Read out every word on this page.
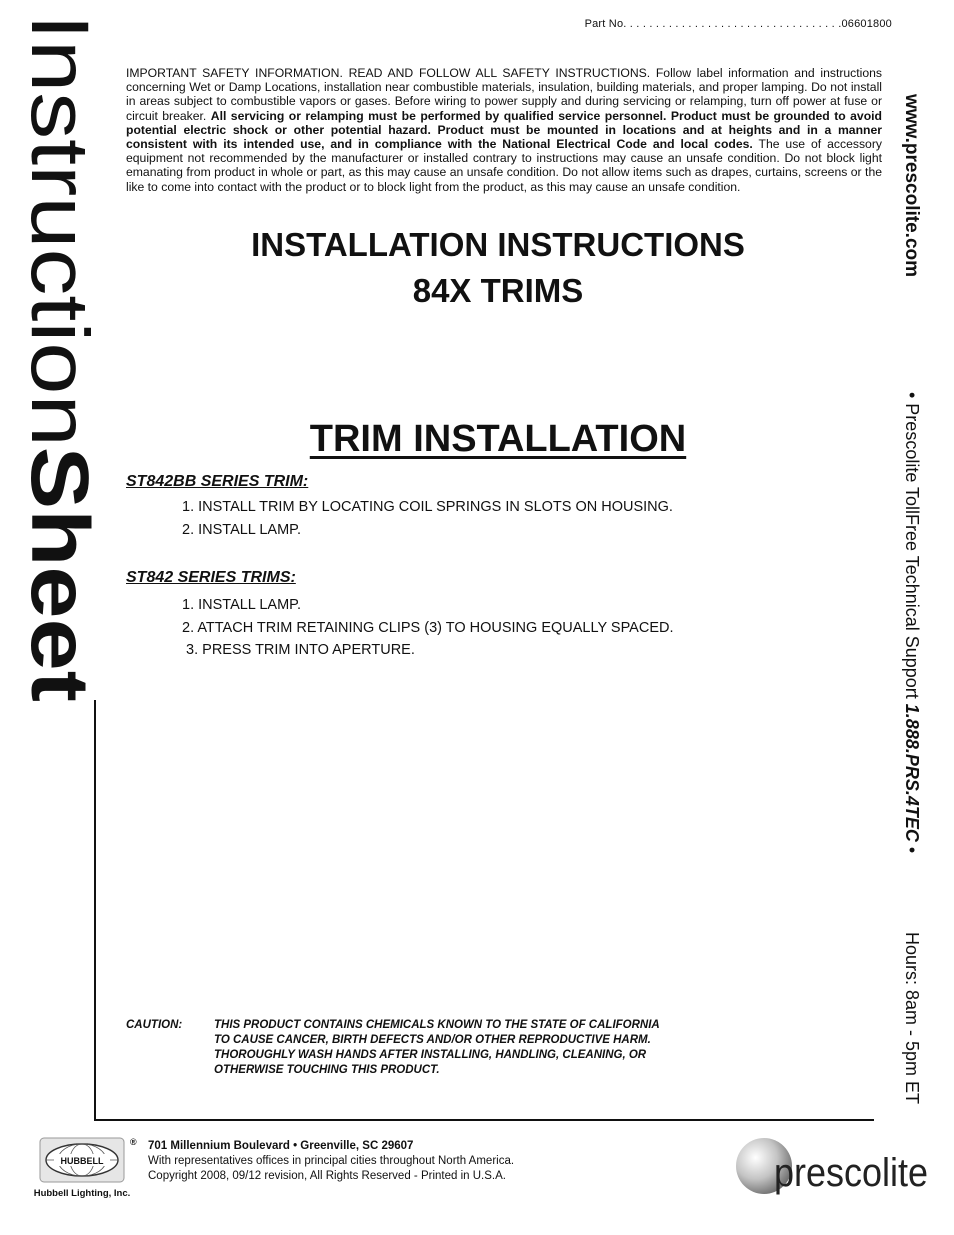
Part No. . . . . . . . . . . . . . . . . . . . . . . . . . . . . . . . . .06601800
InstructionSheet
www.prescolite.com
• Prescolite TollFree Technical Support 1.888.PRS.4TEC •
Hours: 8am - 5pm ET
IMPORTANT SAFETY INFORMATION. READ AND FOLLOW ALL SAFETY INSTRUCTIONS. Follow label information and instructions concerning Wet or Damp Locations, installation near combustible materials, insulation, building materials, and proper lamping. Do not install in areas subject to combustible vapors or gases. Before wiring to power supply and during servicing or relamping, turn off power at fuse or circuit breaker. All servicing or relamping must be performed by qualified service personnel. Product must be grounded to avoid potential electric shock or other potential hazard. Product must be mounted in locations and at heights and in a manner consistent with its intended use, and in compliance with the National Electrical Code and local codes. The use of accessory equipment not recommended by the manufacturer or installed contrary to instructions may cause an unsafe condition. Do not block light emanating from product in whole or part, as this may cause an unsafe condition. Do not allow items such as drapes, curtains, screens or the like to come into contact with the product or to block light from the product, as this may cause an unsafe condition.
INSTALLATION INSTRUCTIONS
84X TRIMS
TRIM INSTALLATION
ST842BB SERIES TRIM:
1. INSTALL TRIM BY LOCATING COIL SPRINGS IN SLOTS ON HOUSING.
2. INSTALL LAMP.
ST842 SERIES TRIMS:
1. INSTALL LAMP.
2. ATTACH TRIM RETAINING CLIPS (3) TO HOUSING EQUALLY SPACED.
3. PRESS TRIM INTO APERTURE.
CAUTION:	THIS PRODUCT CONTAINS CHEMICALS KNOWN TO THE STATE OF CALIFORNIA
TO CAUSE CANCER, BIRTH DEFECTS AND/OR OTHER REPRODUCTIVE HARM.
THOROUGHLY WASH HANDS AFTER INSTALLING, HANDLING, CLEANING, OR
OTHERWISE TOUCHING THIS PRODUCT.
HUBBELL
Hubbell Lighting, Inc.
® 701 Millennium Boulevard • Greenville, SC 29607
With representatives offices in principal cities throughout North America.
Copyright 2008, 09/12 revision, All Rights Reserved - Printed in U.S.A.	prescolite
